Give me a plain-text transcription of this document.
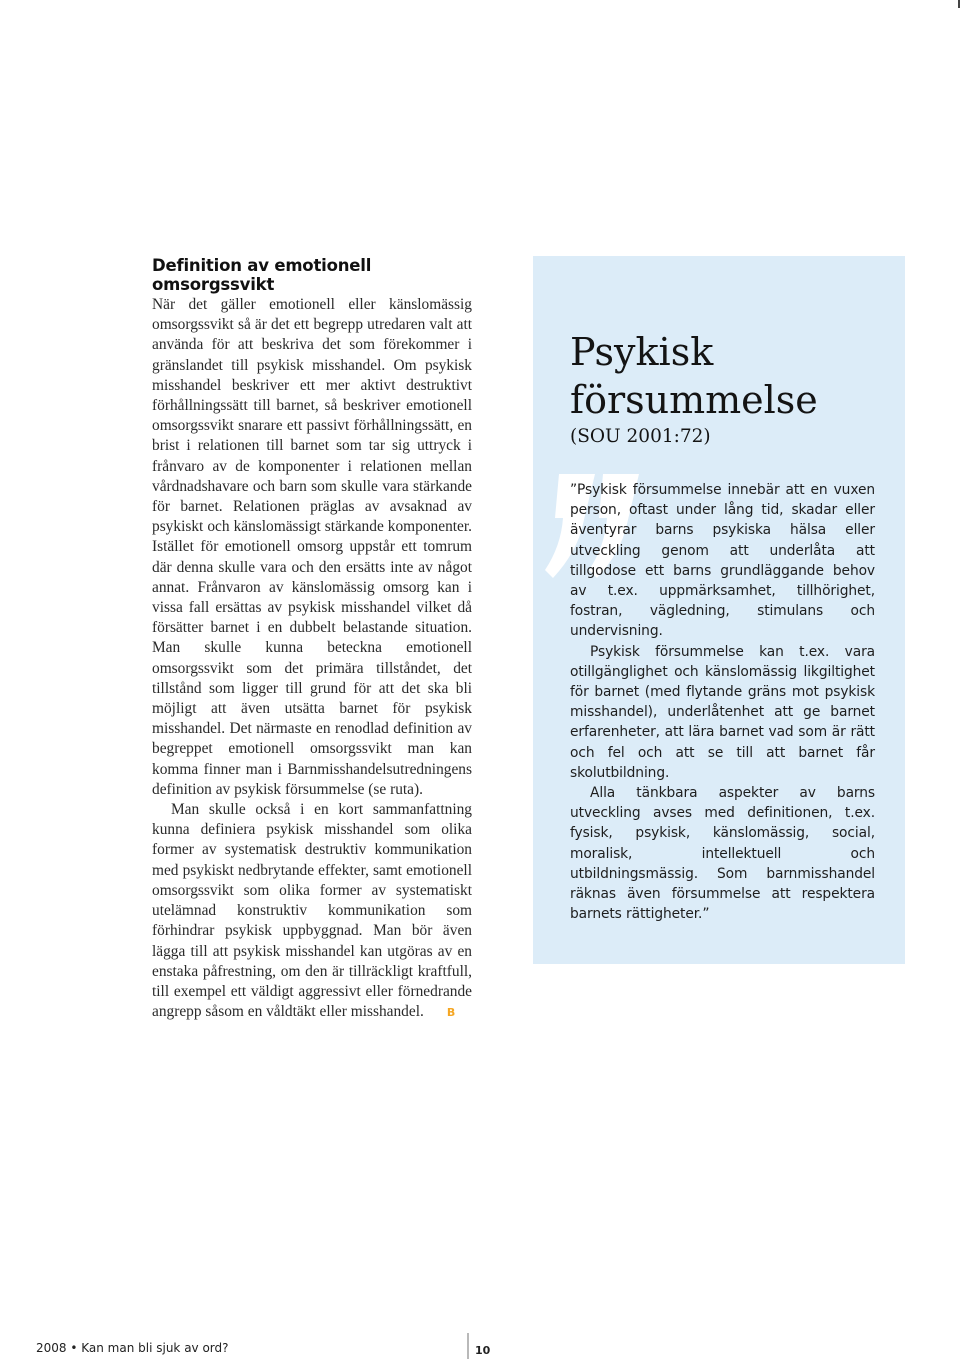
Definition av emotionell omsorgssvikt

När det gäller emotionell eller känslomässig omsorgssvikt så är det ett begrepp utredaren valt att använda för att beskriva det som förekommer i gränslandet till psykisk misshandel. Om psykisk misshandel beskriver ett mer aktivt destruktivt förhållningssätt till barnet, så beskriver emotionell omsorgssvikt snarare ett passivt förhållningssätt, en brist i relationen till barnet som tar sig uttryck i frånvaro av de komponenter i relationen mellan vårdnadshavare och barn som skulle vara stärkande för barnet. Relationen präglas av avsaknad av psykiskt och känslomässigt stärkande komponenter. Istället för emotionell omsorg uppstår ett tomrum där denna skulle vara och den ersätts inte av något annat. Frånvaron av känslomässig omsorg kan i vissa fall ersättas av psykisk misshandel vilket då försätter barnet i en dubbelt belastande situation. Man skulle kunna beteckna emotionell omsorgssvikt som det primära tillståndet, det tillstånd som ligger till grund för att det ska bli möjligt att även utsätta barnet för psykisk misshandel. Det närmaste en renodlad definition av begreppet emotionell omsorgssvikt man kan komma finner man i Barnmisshandelsutredningens definition av psykisk försummelse (se ruta).

Man skulle också i en kort sammanfattning kunna definiera psykisk misshandel som olika former av systematisk destruktiv kommunikation med psykiskt nedbrytande effekter, samt emotionell omsorgssvikt som olika former av systematiskt utelämnad konstruktiv kommunikation som förhindrar psykisk uppbyggnad. Man bör även lägga till att psykisk misshandel kan utgöras av en enstaka påfrestning, om den är tillräckligt kraftfull, till exempel ett väldigt aggressivt eller förnedrande angrepp såsom en våldtäkt eller misshandel. B

Psykisk försummelse

(SOU 2001:72)

”Psykisk försummelse innebär att en vuxen person, oftast under lång tid, skadar eller äventyrar barns psykiska hälsa eller utveckling genom att underlåta att tillgodose ett barns grundläggande behov av t.ex. uppmärksamhet, tillhörighet, fostran, vägledning, stimulans och undervisning.

Psykisk försummelse kan t.ex. vara otillgänglighet och känslomässig likgiltighet för barnet (med flytande gräns mot psykisk misshandel), underlåtenhet att ge barnet erfarenheter, att lära barnet vad som är rätt och fel och att se till att barnet får skolutbildning.

Alla tänkbara aspekter av barns utveckling avses med definitionen, t.ex. fysisk, psykisk, känslomässig, social, moralisk, intellektuell och utbildningsmässig. Som barnmisshandel räknas även försummelse att respektera barnets rättigheter.”

2008 • Kan man bli sjuk av ord?	10
